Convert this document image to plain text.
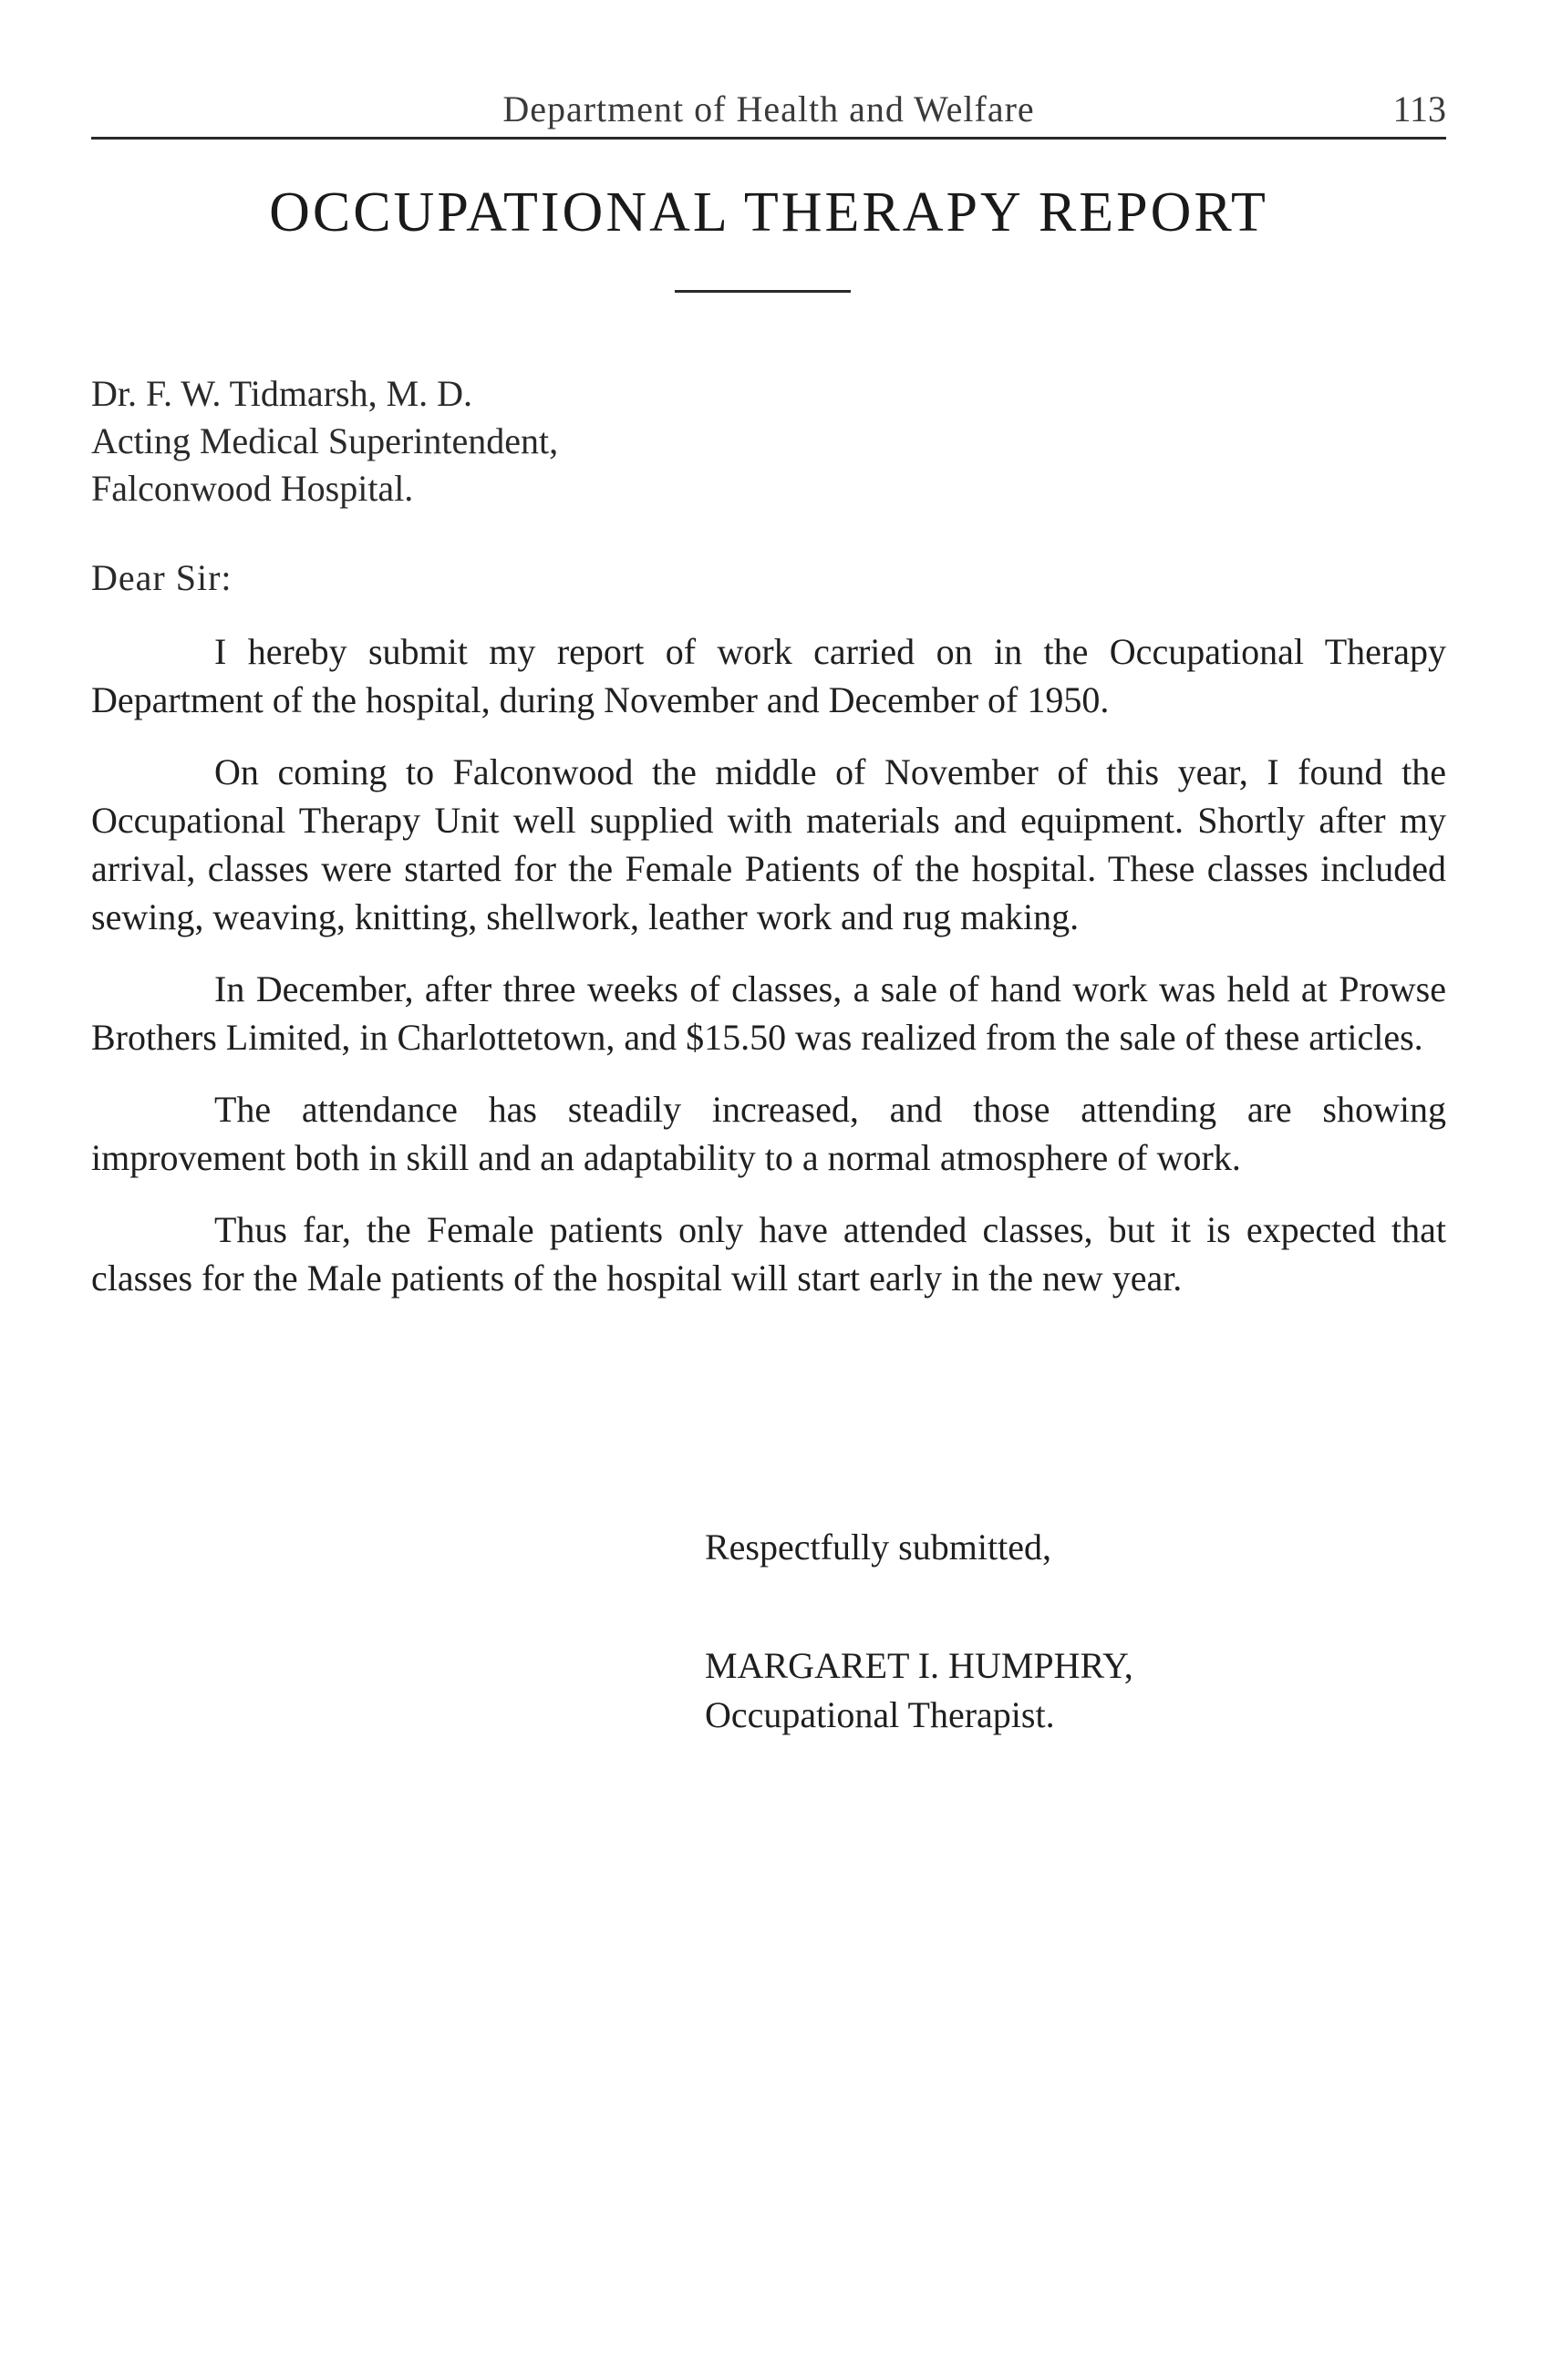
Department of Health and Welfare	113
OCCUPATIONAL THERAPY REPORT
Dr. F. W. Tidmarsh, M. D.
Acting Medical Superintendent,
Falconwood Hospital.
Dear Sir:

I hereby submit my report of work carried on in the Occupational Therapy Department of the hospital, during November and December of 1950.

On coming to Falconwood the middle of November of this year, I found the Occupational Therapy Unit well supplied with materials and equipment. Shortly after my arrival, classes were started for the Female Patients of the hospital. These classes included sewing, weaving, knitting, shellwork, leather work and rug making.

In December, after three weeks of classes, a sale of hand work was held at Prowse Brothers Limited, in Charlottetown, and $15.50 was realized from the sale of these articles.

The attendance has steadily increased, and those attending are showing improvement both in skill and an adaptability to a normal atmosphere of work.

Thus far, the Female patients only have attended classes, but it is expected that classes for the Male patients of the hospital will start early in the new year.

Respectfully submitted,
MARGARET I. HUMPHRY,
Occupational Therapist.
